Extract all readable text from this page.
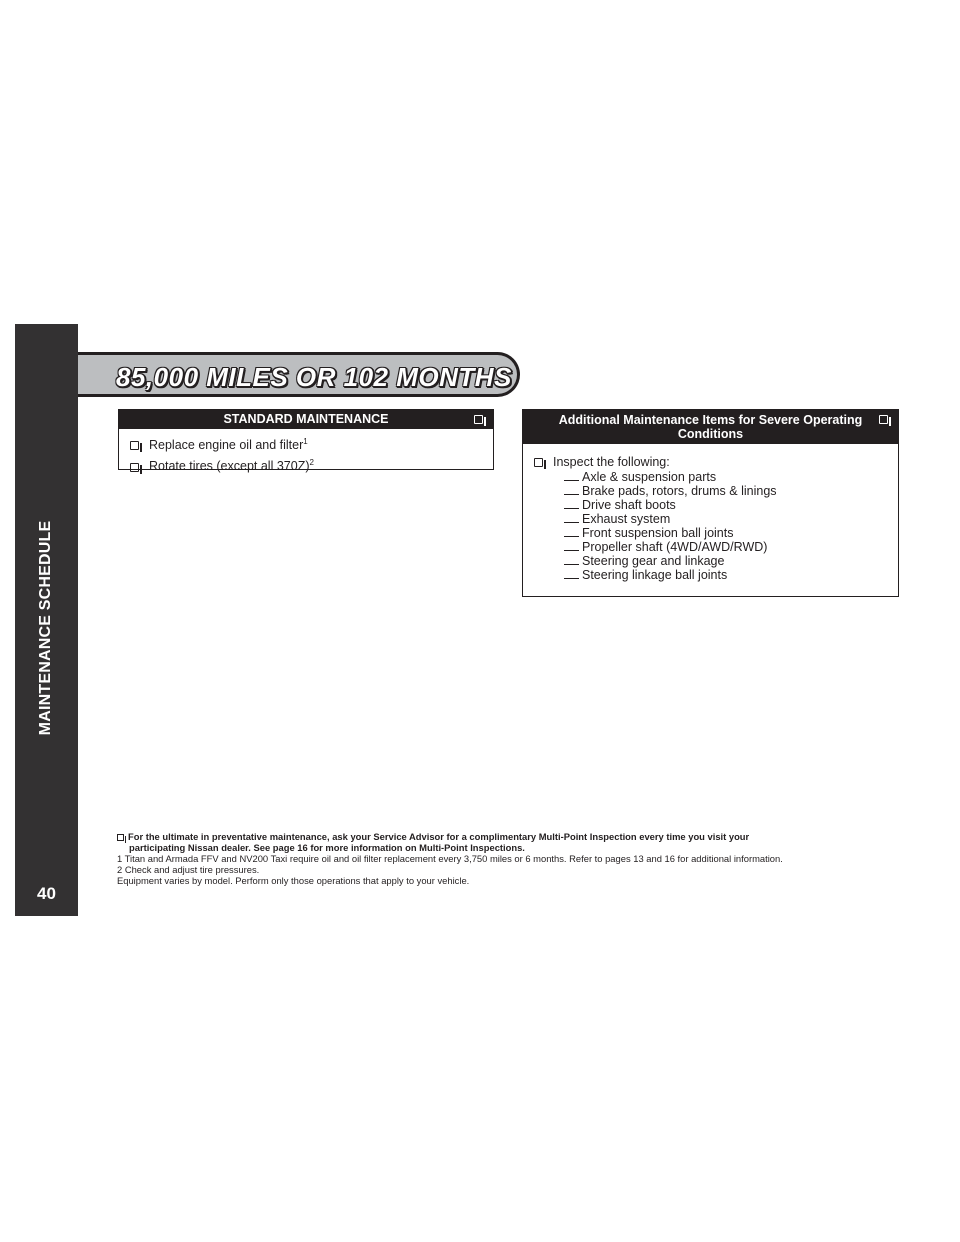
MAINTENANCE SCHEDULE
40
85,000 MILES OR 102 MONTHS
STANDARD MAINTENANCE
Replace engine oil and filter$^1$
Rotate tires (except all 370Z)$^2$
Additional Maintenance Items for Severe Operating
Conditions
Inspect the following:
Axle & suspension parts
Brake pads, rotors, drums & linings
Drive shaft boots
Exhaust system
Front suspension ball joints
Propeller shaft (4WD/AWD/RWD)
Steering gear and linkage
Steering linkage ball joints
For the ultimate in preventative maintenance, ask your Service Advisor for a complimentary Multi-Point Inspection every time you visit your
participating Nissan dealer. See page 16 for more information on Multi-Point Inspections.
1 Titan and Armada FFV and NV200 Taxi require oil and oil filter replacement every 3,750 miles or 6 months. Refer to pages 13 and 16 for additional information.
2 Check and adjust tire pressures.
Equipment varies by model. Perform only those operations that apply to your vehicle.
